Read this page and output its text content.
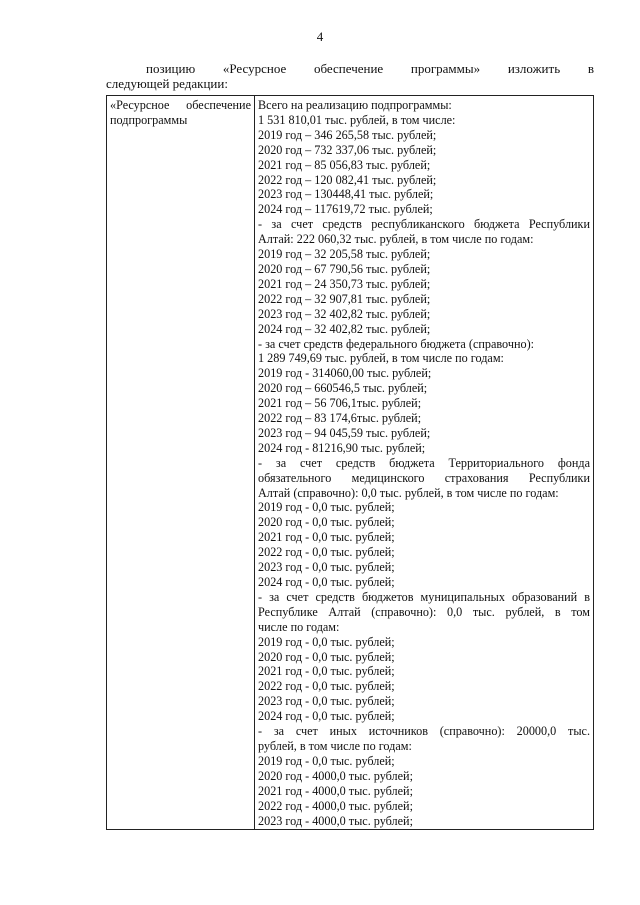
4
позицию «Ресурсное обеспечение программы» изложить в
следующей редакции:
«Ресурсное обеспечение
подпрограммы

Всего на реализацию подпрограммы:
1 531 810,01 тыс. рублей, в том числе:
2019 год – 346 265,58 тыс. рублей;
2020 год – 732 337,06 тыс. рублей;
2021 год – 85 056,83 тыс. рублей;
2022 год – 120 082,41 тыс. рублей;
2023 год – 130448,41 тыс. рублей;
2024 год – 117619,72 тыс. рублей;
- за счет средств республиканского бюджета Республики
Алтай: 222 060,32 тыс. рублей, в том числе по годам:
2019 год – 32 205,58 тыс. рублей;
2020 год – 67 790,56 тыс. рублей;
2021 год – 24 350,73 тыс. рублей;
2022 год – 32 907,81 тыс. рублей;
2023 год – 32 402,82 тыс. рублей;
2024 год – 32 402,82 тыс. рублей;
- за счет средств федерального бюджета (справочно):
1 289 749,69 тыс. рублей, в том числе по годам:
2019 год - 314060,00 тыс. рублей;
2020 год – 660546,5 тыс. рублей;
2021 год – 56 706,1тыс. рублей;
2022 год – 83 174,6тыс. рублей;
2023 год – 94 045,59 тыс. рублей;
2024 год - 81216,90 тыс. рублей;
- за счет средств бюджета Территориального фонда
обязательного медицинского страхования Республики
Алтай (справочно): 0,0 тыс. рублей, в том числе по годам:
2019 год - 0,0 тыс. рублей;
2020 год - 0,0 тыс. рублей;
2021 год - 0,0 тыс. рублей;
2022 год - 0,0 тыс. рублей;
2023 год - 0,0 тыс. рублей;
2024 год - 0,0 тыс. рублей;
- за счет средств бюджетов муниципальных образований в
Республике Алтай (справочно): 0,0 тыс. рублей, в том
числе по годам:
2019 год - 0,0 тыс. рублей;
2020 год - 0,0 тыс. рублей;
2021 год - 0,0 тыс. рублей;
2022 год - 0,0 тыс. рублей;
2023 год - 0,0 тыс. рублей;
2024 год - 0,0 тыс. рублей;
- за счет иных источников (справочно): 20000,0 тыс.
рублей, в том числе по годам:
2019 год - 0,0 тыс. рублей;
2020 год - 4000,0 тыс. рублей;
2021 год - 4000,0 тыс. рублей;
2022 год - 4000,0 тыс. рублей;
2023 год - 4000,0 тыс. рублей;
